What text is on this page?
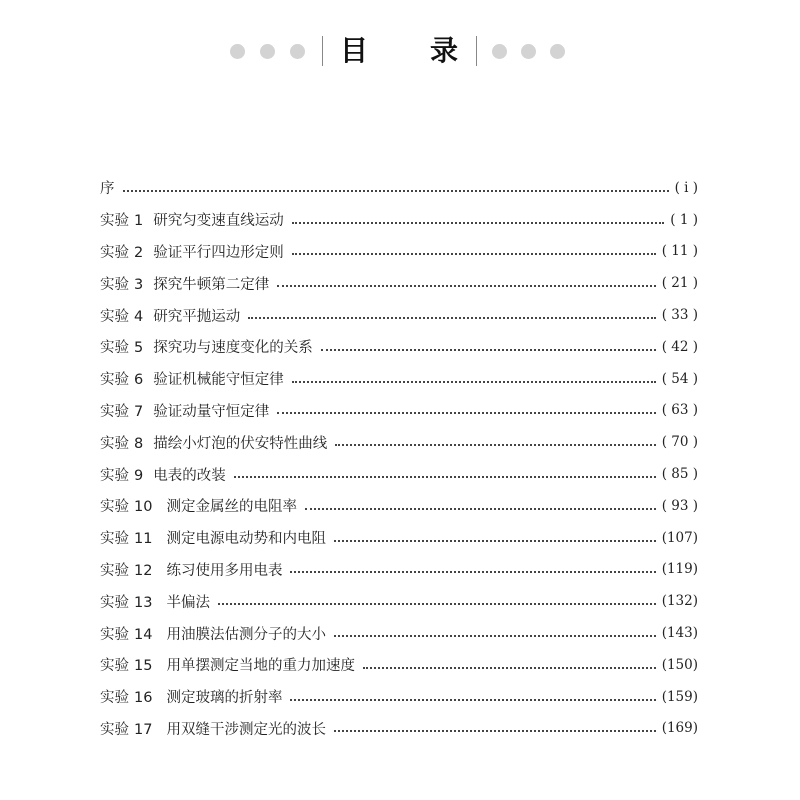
目 录
序	( ⅰ )
实验 1 研究匀变速直线运动	( 1 )
实验 2 验证平行四边形定则	( 11 )
实验 3 探究牛顿第二定律	( 21 )
实验 4 研究平抛运动	( 33 )
实验 5 探究功与速度变化的关系	( 42 )
实验 6 验证机械能守恒定律	( 54 )
实验 7 验证动量守恒定律	( 63 )
实验 8 描绘小灯泡的伏安特性曲线	( 70 )
实验 9 电表的改装	( 85 )
实验 10 测定金属丝的电阻率	( 93 )
实验 11 测定电源电动势和内电阻	(107)
实验 12 练习使用多用电表	(119)
实验 13 半偏法	(132)
实验 14 用油膜法估测分子的大小	(143)
实验 15 用单摆测定当地的重力加速度	(150)
实验 16 测定玻璃的折射率	(159)
实验 17 用双缝干涉测定光的波长	(169)
